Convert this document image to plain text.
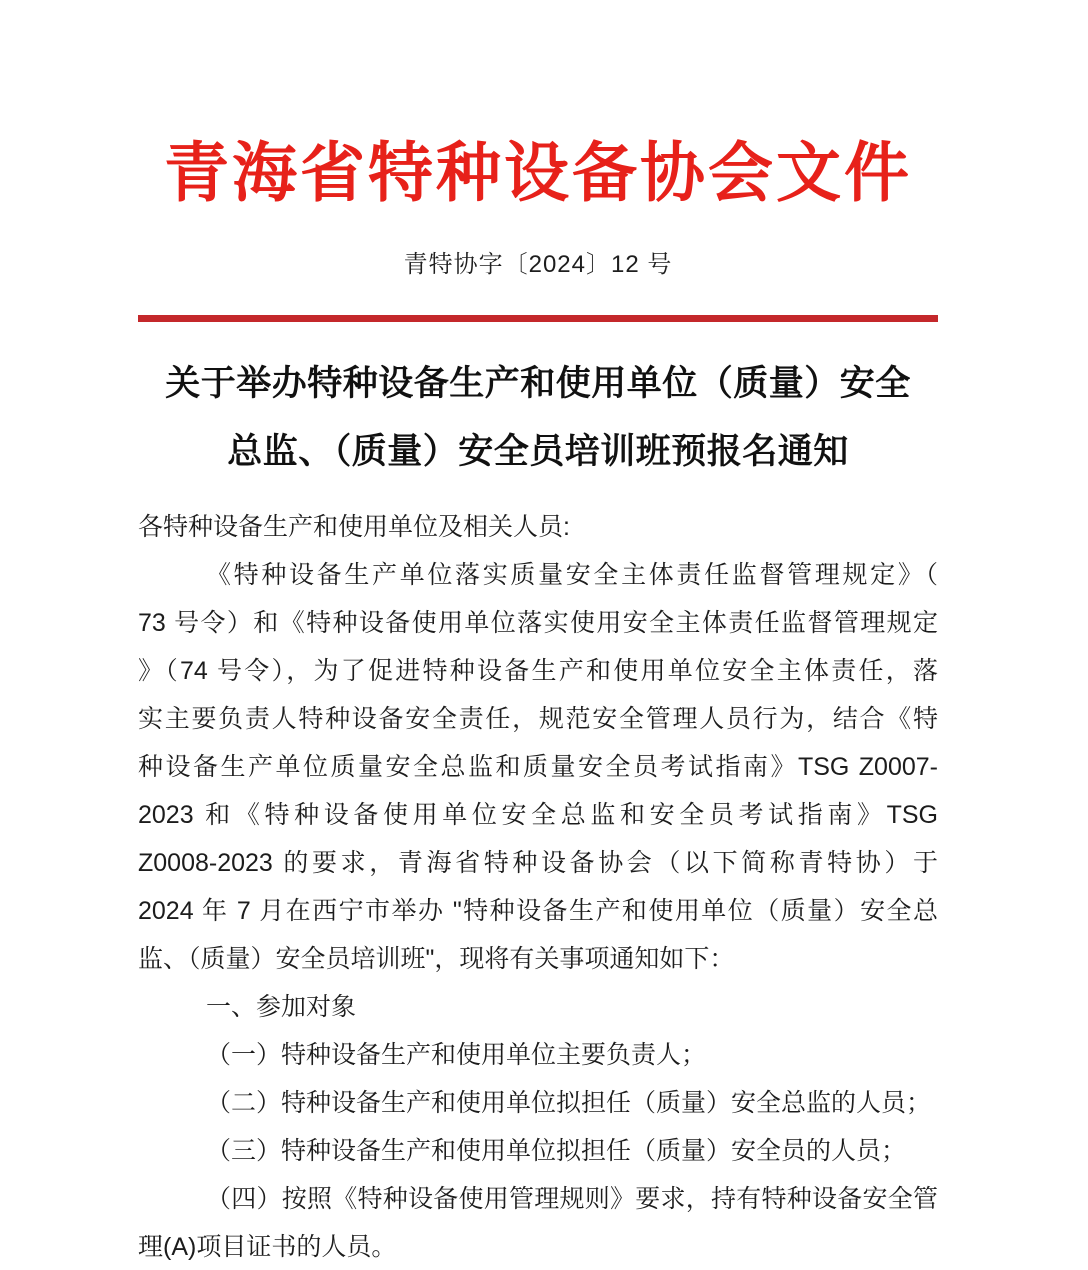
青海省特种设备协会文件
青特协字〔2024〕12 号
关于举办特种设备生产和使用单位（质量）安全
总监、（质量）安全员培训班预报名通知
各特种设备生产和使用单位及相关人员:
《特种设备生产单位落实质量安全主体责任监督管理规定》（
73 号令）和《特种设备使用单位落实使用安全主体责任监督管理规定
》（74 号令），为了促进特种设备生产和使用单位安全主体责任，落
实主要负责人特种设备安全责任，规范安全管理人员行为，结合《特
种设备生产单位质量安全总监和质量安全员考试指南》TSG Z0007-
2023 和《特种设备使用单位安全总监和安全员考试指南》TSG
Z0008-2023 的要求，青海省特种设备协会（以下简称青特协）于
2024 年 7 月在西宁市举办 "特种设备生产和使用单位（质量）安全总
监、（质量）安全员培训班"，现将有关事项通知如下：
一、参加对象
（一）特种设备生产和使用单位主要负责人；
（二）特种设备生产和使用单位拟担任（质量）安全总监的人员；
（三）特种设备生产和使用单位拟担任（质量）安全员的人员；
（四）按照《特种设备使用管理规则》要求，持有特种设备安全管
理(A)项目证书的人员。
